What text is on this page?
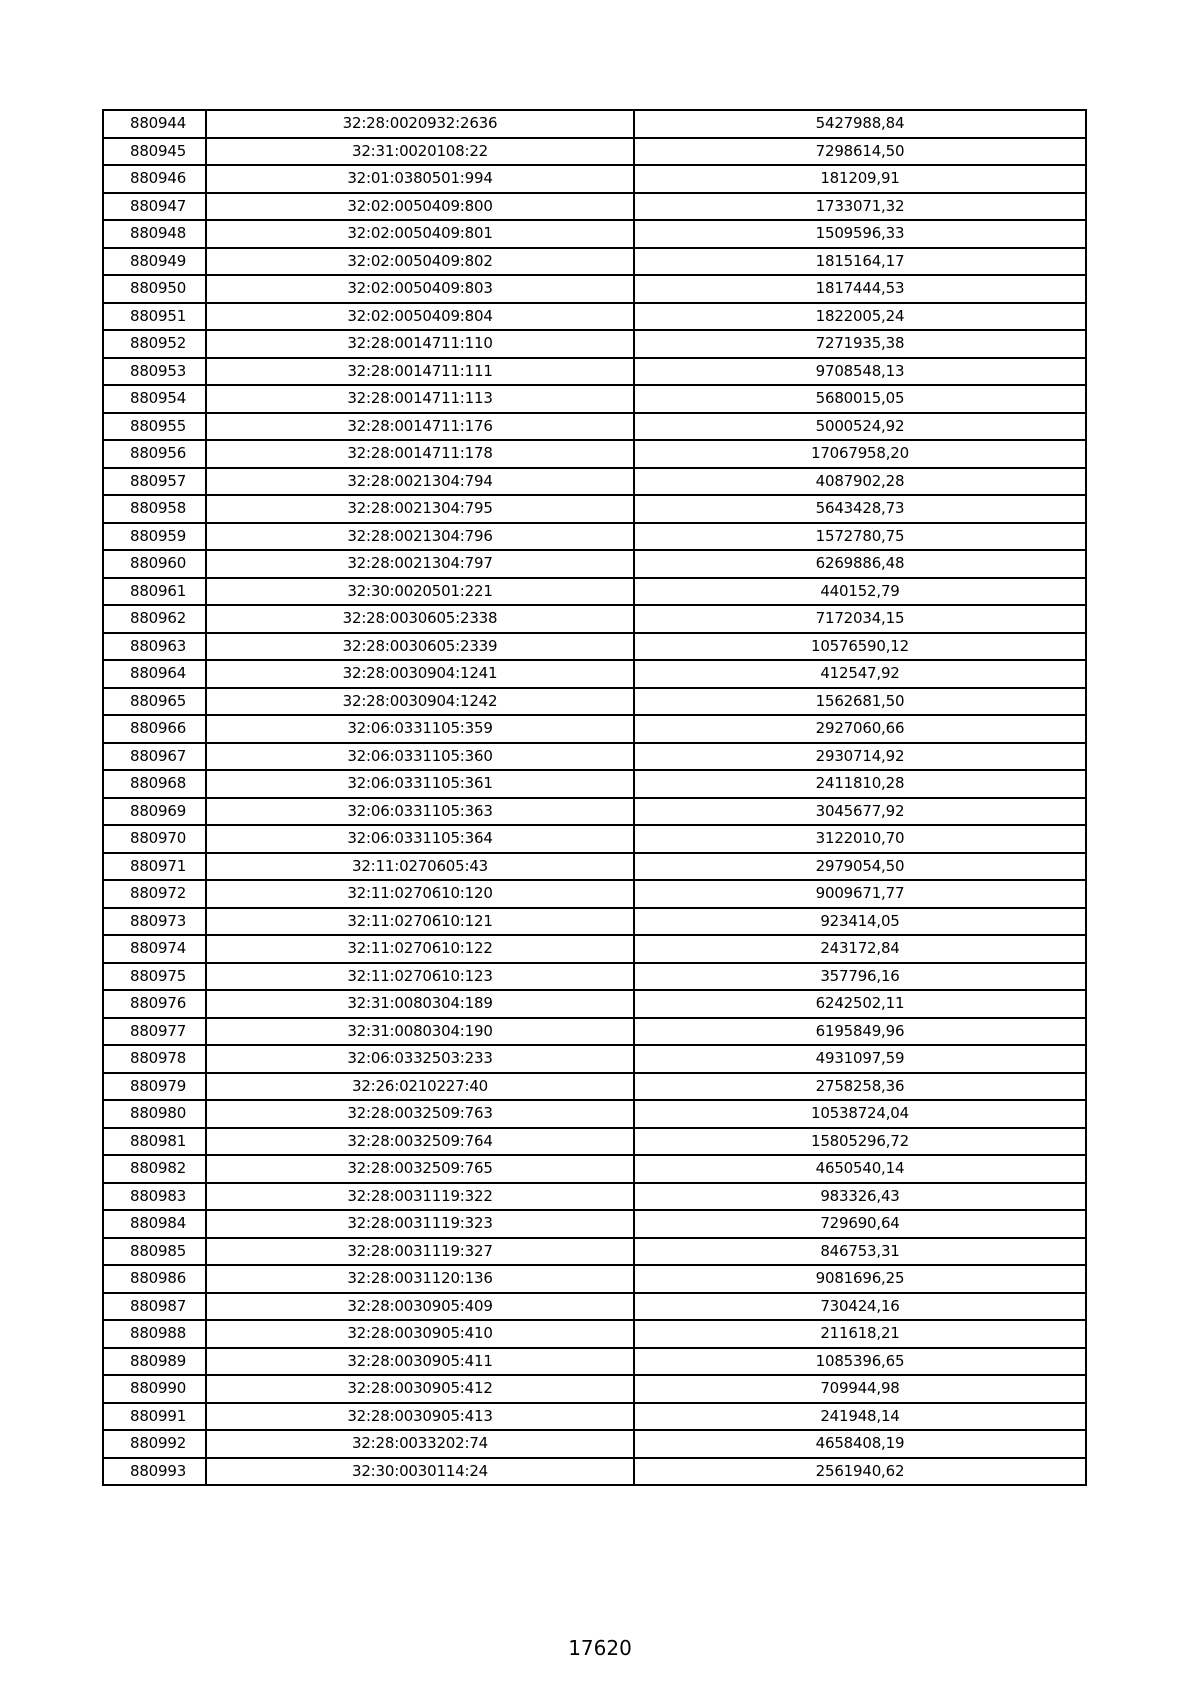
880944	32:28:0020932:2636	5427988,84
880945	32:31:0020108:22	7298614,50
880946	32:01:0380501:994	181209,91
880947	32:02:0050409:800	1733071,32
880948	32:02:0050409:801	1509596,33
880949	32:02:0050409:802	1815164,17
880950	32:02:0050409:803	1817444,53
880951	32:02:0050409:804	1822005,24
880952	32:28:0014711:110	7271935,38
880953	32:28:0014711:111	9708548,13
880954	32:28:0014711:113	5680015,05
880955	32:28:0014711:176	5000524,92
880956	32:28:0014711:178	17067958,20
880957	32:28:0021304:794	4087902,28
880958	32:28:0021304:795	5643428,73
880959	32:28:0021304:796	1572780,75
880960	32:28:0021304:797	6269886,48
880961	32:30:0020501:221	440152,79
880962	32:28:0030605:2338	7172034,15
880963	32:28:0030605:2339	10576590,12
880964	32:28:0030904:1241	412547,92
880965	32:28:0030904:1242	1562681,50
880966	32:06:0331105:359	2927060,66
880967	32:06:0331105:360	2930714,92
880968	32:06:0331105:361	2411810,28
880969	32:06:0331105:363	3045677,92
880970	32:06:0331105:364	3122010,70
880971	32:11:0270605:43	2979054,50
880972	32:11:0270610:120	9009671,77
880973	32:11:0270610:121	923414,05
880974	32:11:0270610:122	243172,84
880975	32:11:0270610:123	357796,16
880976	32:31:0080304:189	6242502,11
880977	32:31:0080304:190	6195849,96
880978	32:06:0332503:233	4931097,59
880979	32:26:0210227:40	2758258,36
880980	32:28:0032509:763	10538724,04
880981	32:28:0032509:764	15805296,72
880982	32:28:0032509:765	4650540,14
880983	32:28:0031119:322	983326,43
880984	32:28:0031119:323	729690,64
880985	32:28:0031119:327	846753,31
880986	32:28:0031120:136	9081696,25
880987	32:28:0030905:409	730424,16
880988	32:28:0030905:410	211618,21
880989	32:28:0030905:411	1085396,65
880990	32:28:0030905:412	709944,98
880991	32:28:0030905:413	241948,14
880992	32:28:0033202:74	4658408,19
880993	32:30:0030114:24	2561940,62
17620
